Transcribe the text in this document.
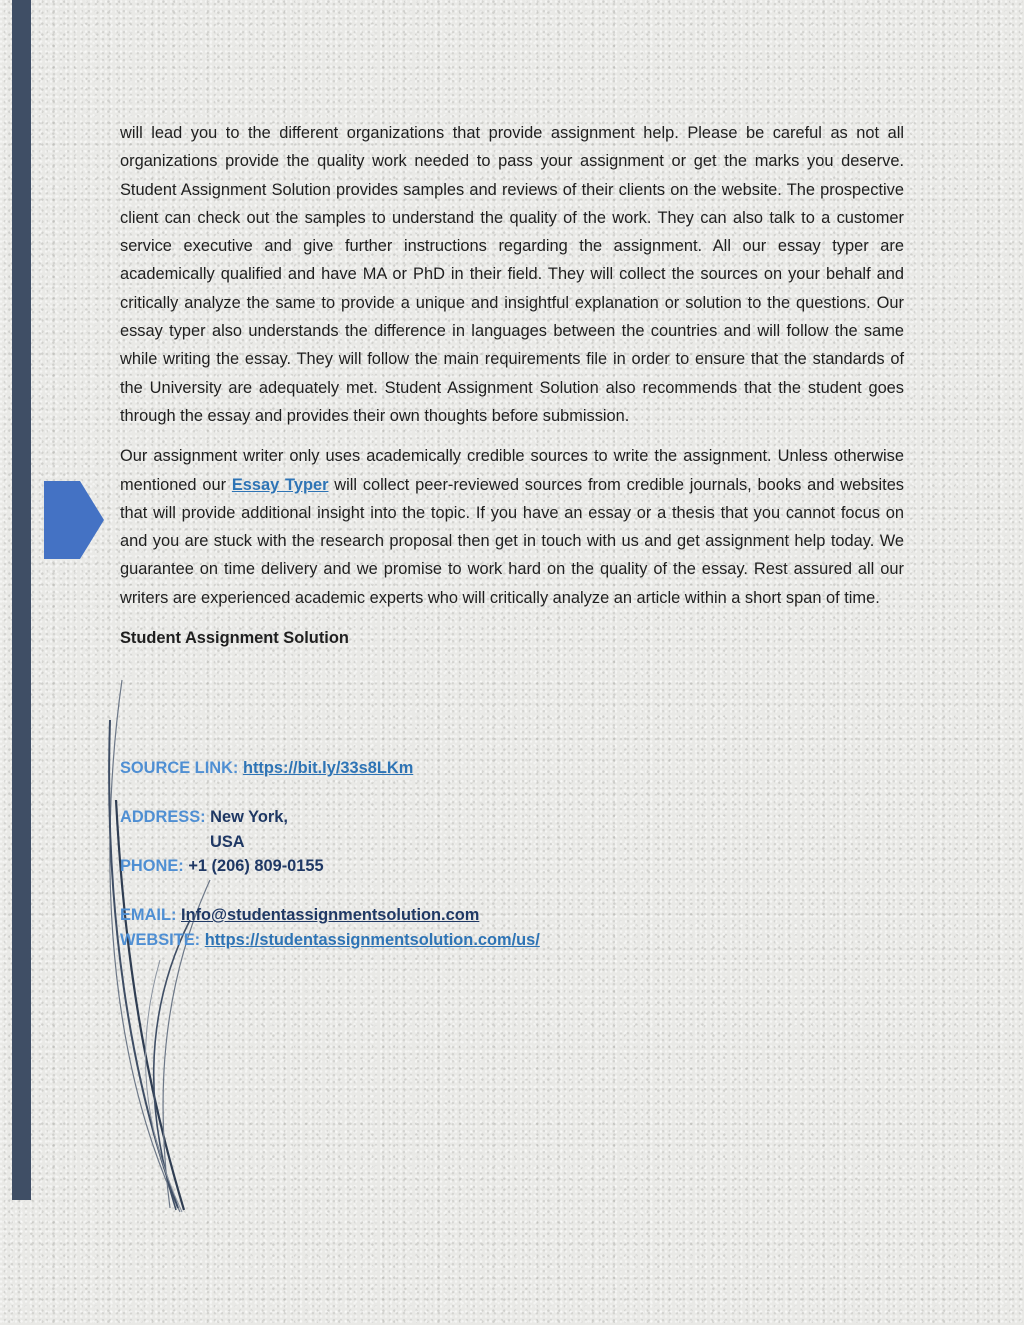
will lead you to the different organizations that provide assignment help. Please be careful as not all organizations provide the quality work needed to pass your assignment or get the marks you deserve. Student Assignment Solution provides samples and reviews of their clients on the website. The prospective client can check out the samples to understand the quality of the work. They can also talk to a customer service executive and give further instructions regarding the assignment. All our essay typer are academically qualified and have MA or PhD in their field. They will collect the sources on your behalf and critically analyze the same to provide a unique and insightful explanation or solution to the questions. Our essay typer also understands the difference in languages between the countries and will follow the same while writing the essay. They will follow the main requirements file in order to ensure that the standards of the University are adequately met. Student Assignment Solution also recommends that the student goes through the essay and provides their own thoughts before submission.

Our assignment writer only uses academically credible sources to write the assignment. Unless otherwise mentioned our Essay Typer will collect peer-reviewed sources from credible journals, books and websites that will provide additional insight into the topic. If you have an essay or a thesis that you cannot focus on and you are stuck with the research proposal then get in touch with us and get assignment help today. We guarantee on time delivery and we promise to work hard on the quality of the essay. Rest assured all our writers are experienced academic experts who will critically analyze an article within a short span of time.

Student Assignment Solution

SOURCE LINK: https://bit.ly/33s8LKm
ADDRESS: New York,
USA
PHONE: +1 (206) 809-0155
EMAIL: Info@studentassignmentsolution.com
WEBSITE: https://studentassignmentsolution.com/us/
